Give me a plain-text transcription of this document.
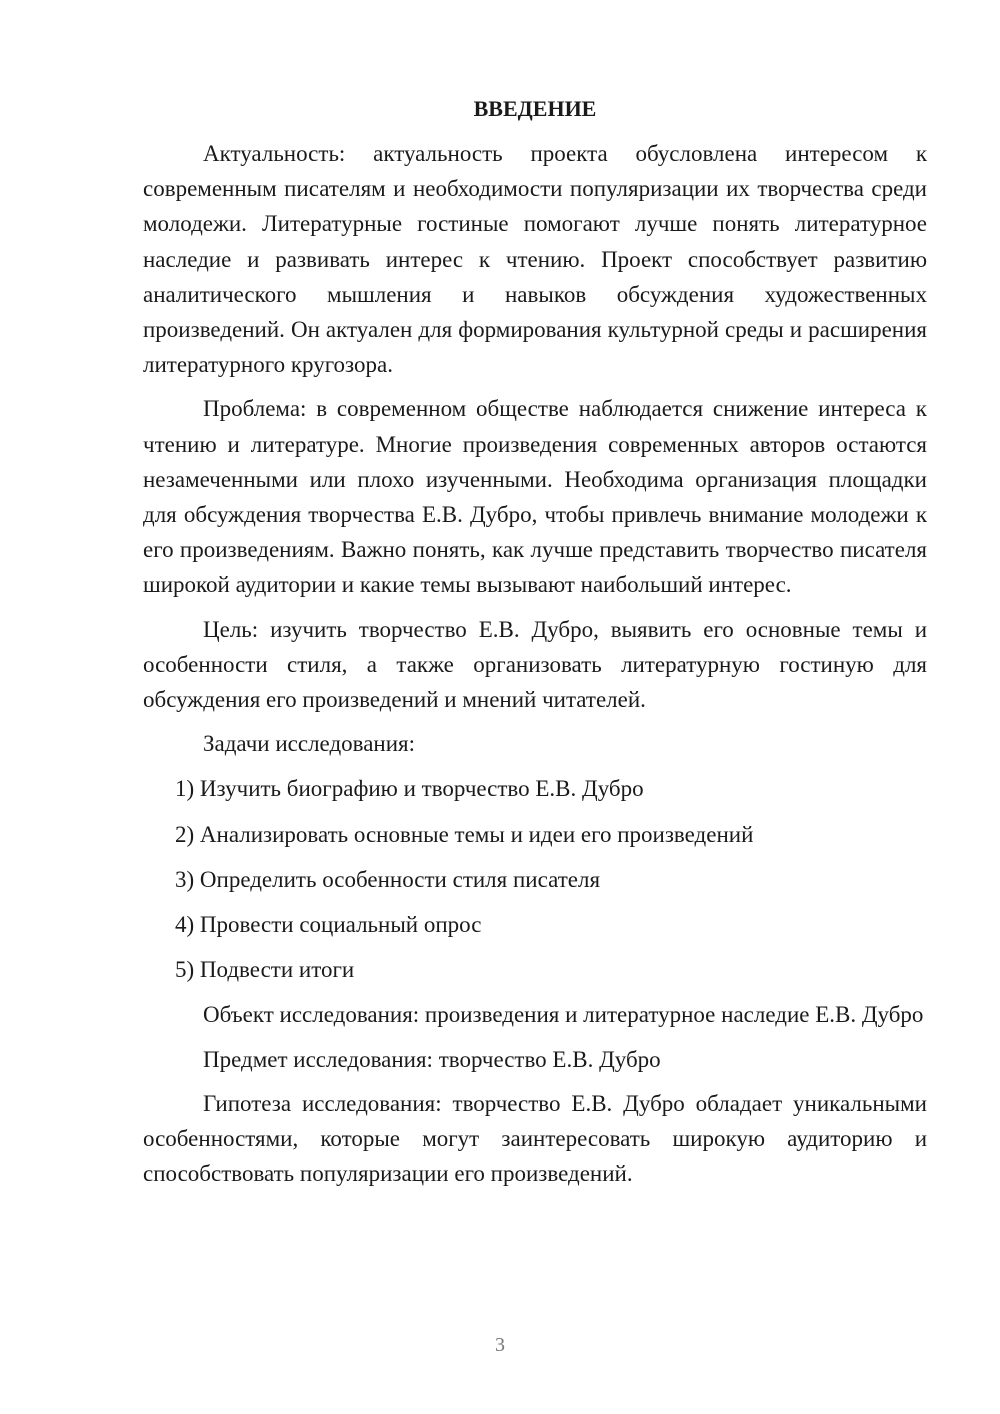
ВВЕДЕНИЕ

Актуальность: актуальность проекта обусловлена интересом к современным писателям и необходимости популяризации их творчества среди молодежи. Литературные гостиные помогают лучше понять литературное наследие и развивать интерес к чтению. Проект способствует развитию аналитического мышления и навыков обсуждения художественных произведений. Он актуален для формирования культурной среды и расширения литературного кругозора.

Проблема: в современном обществе наблюдается снижение интереса к чтению и литературе. Многие произведения современных авторов остаются незамеченными или плохо изученными. Необходима организация площадки для обсуждения творчества Е.В. Дубро, чтобы привлечь внимание молодежи к его произведениям. Важно понять, как лучше представить творчество писателя широкой аудитории и какие темы вызывают наибольший интерес.

Цель: изучить творчество Е.В. Дубро, выявить его основные темы и особенности стиля, а также организовать литературную гостиную для обсуждения его произведений и мнений читателей.

Задачи исследования:
1) Изучить биографию и творчество Е.В. Дубро
2) Анализировать основные темы и идеи его произведений
3) Определить особенности стиля писателя
4) Провести социальный опрос
5) Подвести итоги

Объект исследования: произведения и литературное наследие Е.В. Дубро

Предмет исследования: творчество Е.В. Дубро

Гипотеза исследования: творчество Е.В. Дубро обладает уникальными особенностями, которые могут заинтересовать широкую аудиторию и способствовать популяризации его произведений.

3
